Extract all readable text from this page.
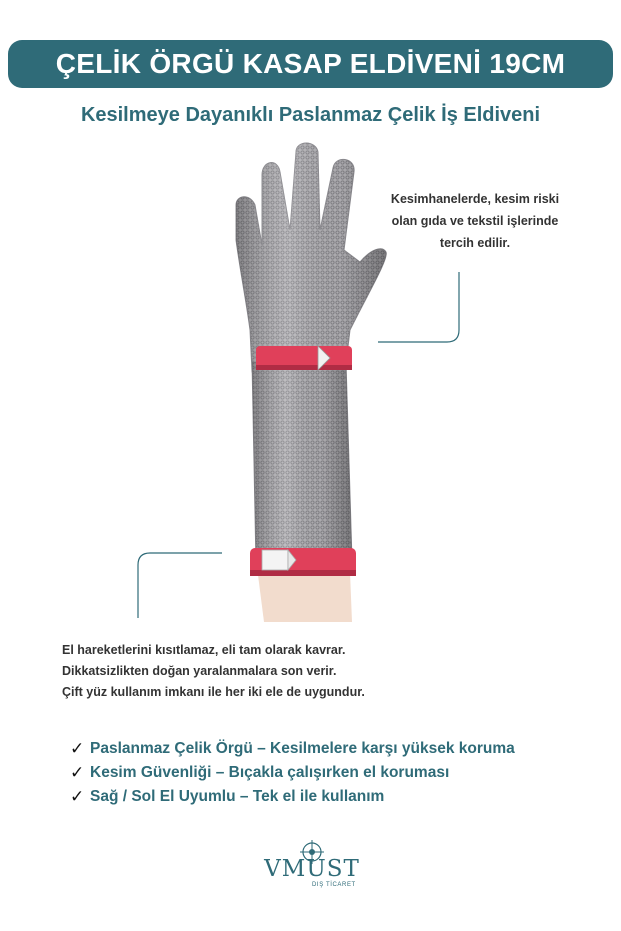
ÇELİK ÖRGÜ KASAP ELDİVENİ 19CM
Kesilmeye Dayanıklı Paslanmaz Çelik İş Eldiveni
Kesimhanelerde, kesim riski
olan gıda ve tekstil işlerinde
tercih edilir.
El hareketlerini kısıtlamaz, eli tam olarak kavrar.
Dikkatsizlikten doğan yaralanmalara son verir.
Çift yüz kullanım imkanı ile her iki ele de uygundur.
✓ Paslanmaz Çelik Örgü – Kesilmelere karşı yüksek koruma
✓ Kesim Güvenliği – Bıçakla çalışırken el koruması
✓ Sağ / Sol El Uyumlu – Tek el ile kullanım
VMUST
DIŞ TİCARET
